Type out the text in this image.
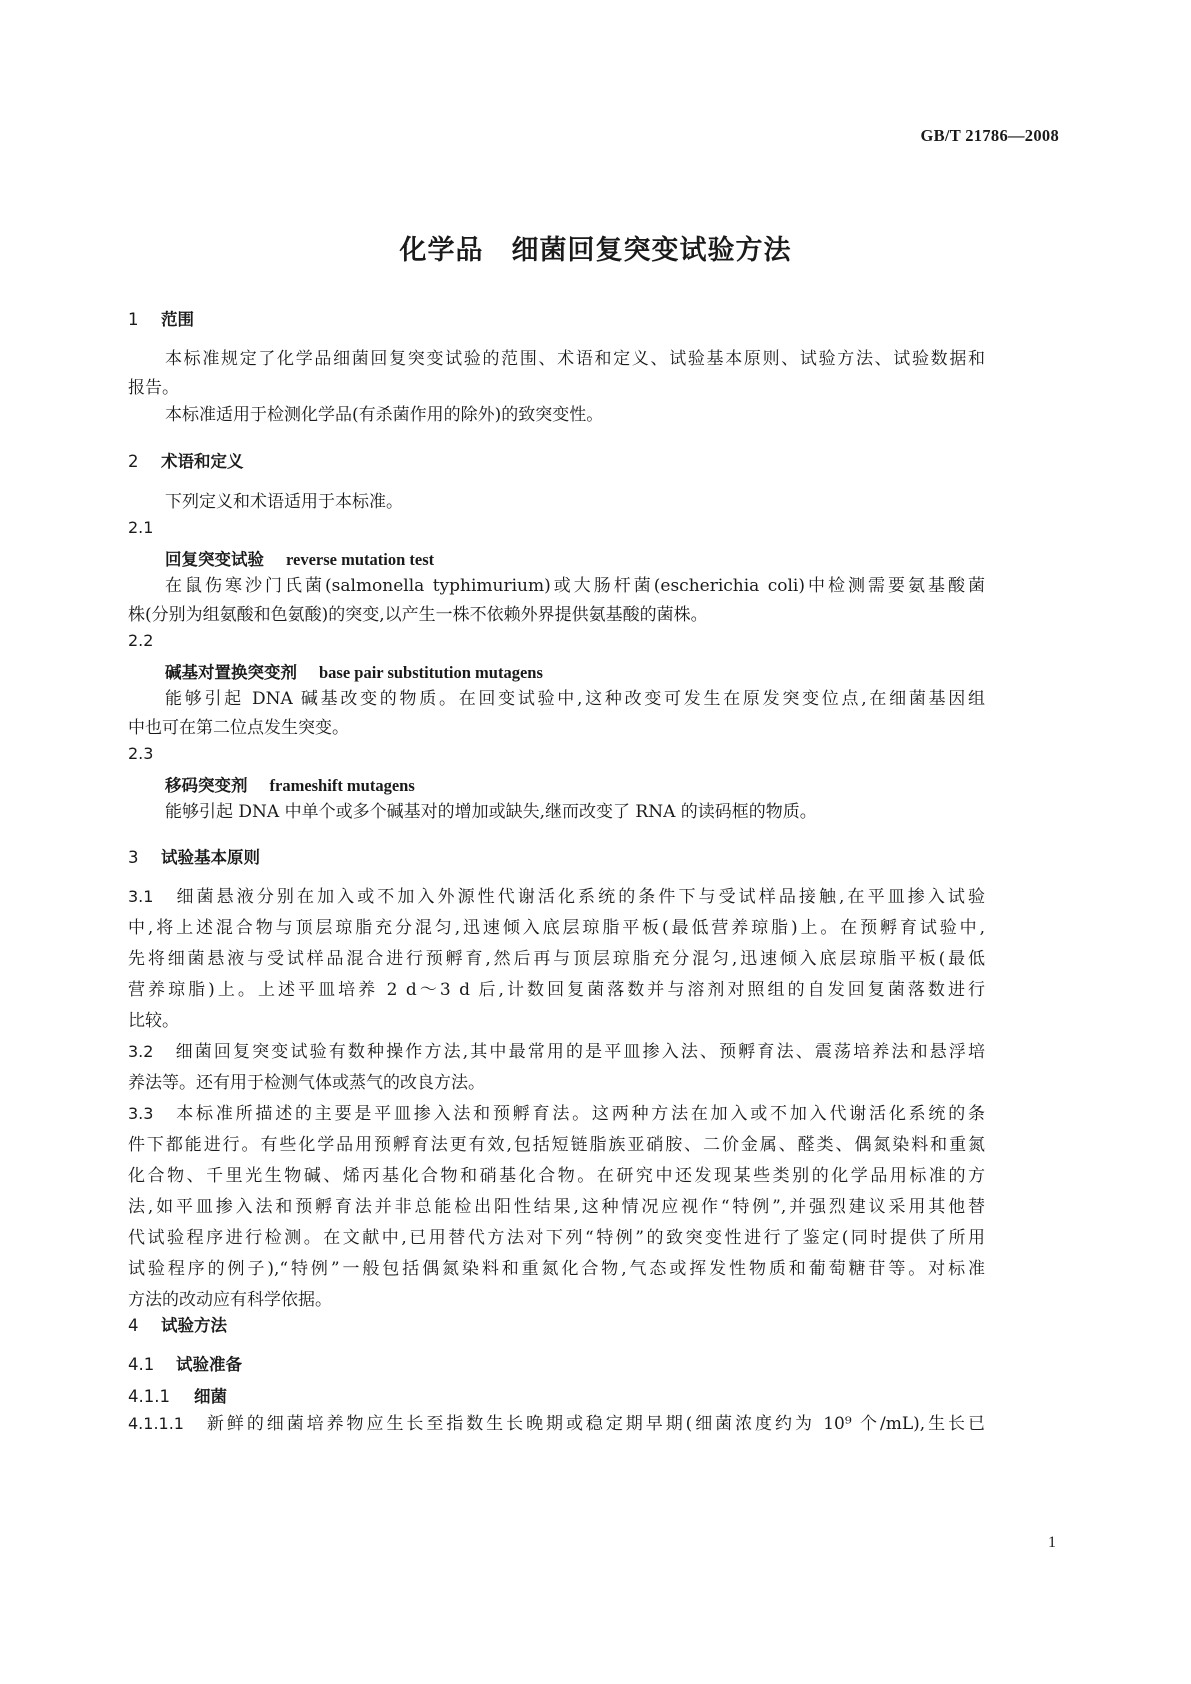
GB/T 21786—2008
化学品　细菌回复突变试验方法
1 范围
本标准规定了化学品细菌回复突变试验的范围、术语和定义、试验基本原则、试验方法、试验数据和
报告。
本标准适用于检测化学品(有杀菌作用的除外)的致突变性。
2 术语和定义
下列定义和术语适用于本标准。
2.1
回复突变试验 reverse mutation test
在鼠伤寒沙门氏菌(salmonella typhimurium)或大肠杆菌(escherichia coli)中检测需要氨基酸菌
株(分别为组氨酸和色氨酸)的突变,以产生一株不依赖外界提供氨基酸的菌株。
2.2
碱基对置换突变剂 base pair substitution mutagens
能够引起 DNA 碱基改变的物质。在回变试验中,这种改变可发生在原发突变位点,在细菌基因组
中也可在第二位点发生突变。
2.3
移码突变剂 frameshift mutagens
能够引起 DNA 中单个或多个碱基对的增加或缺失,继而改变了 RNA 的读码框的物质。
3 试验基本原则
3.1 细菌悬液分别在加入或不加入外源性代谢活化系统的条件下与受试样品接触,在平皿掺入试验
中,将上述混合物与顶层琼脂充分混匀,迅速倾入底层琼脂平板(最低营养琼脂)上。在预孵育试验中,
先将细菌悬液与受试样品混合进行预孵育,然后再与顶层琼脂充分混匀,迅速倾入底层琼脂平板(最低
营养琼脂)上。上述平皿培养 2 d～3 d 后,计数回复菌落数并与溶剂对照组的自发回复菌落数进行
比较。
3.2 细菌回复突变试验有数种操作方法,其中最常用的是平皿掺入法、预孵育法、震荡培养法和悬浮培
养法等。还有用于检测气体或蒸气的改良方法。
3.3 本标准所描述的主要是平皿掺入法和预孵育法。这两种方法在加入或不加入代谢活化系统的条
件下都能进行。有些化学品用预孵育法更有效,包括短链脂族亚硝胺、二价金属、醛类、偶氮染料和重氮
化合物、千里光生物碱、烯丙基化合物和硝基化合物。在研究中还发现某些类别的化学品用标准的方
法,如平皿掺入法和预孵育法并非总能检出阳性结果,这种情况应视作“特例”,并强烈建议采用其他替
代试验程序进行检测。在文献中,已用替代方法对下列“特例”的致突变性进行了鉴定(同时提供了所用
试验程序的例子),“特例”一般包括偶氮染料和重氮化合物,气态或挥发性物质和葡萄糖苷等。对标准
方法的改动应有科学依据。
4 试验方法
4.1 试验准备
4.1.1 细菌
4.1.1.1 新鲜的细菌培养物应生长至指数生长晚期或稳定期早期(细菌浓度约为 10⁹ 个/mL),生长已
1
